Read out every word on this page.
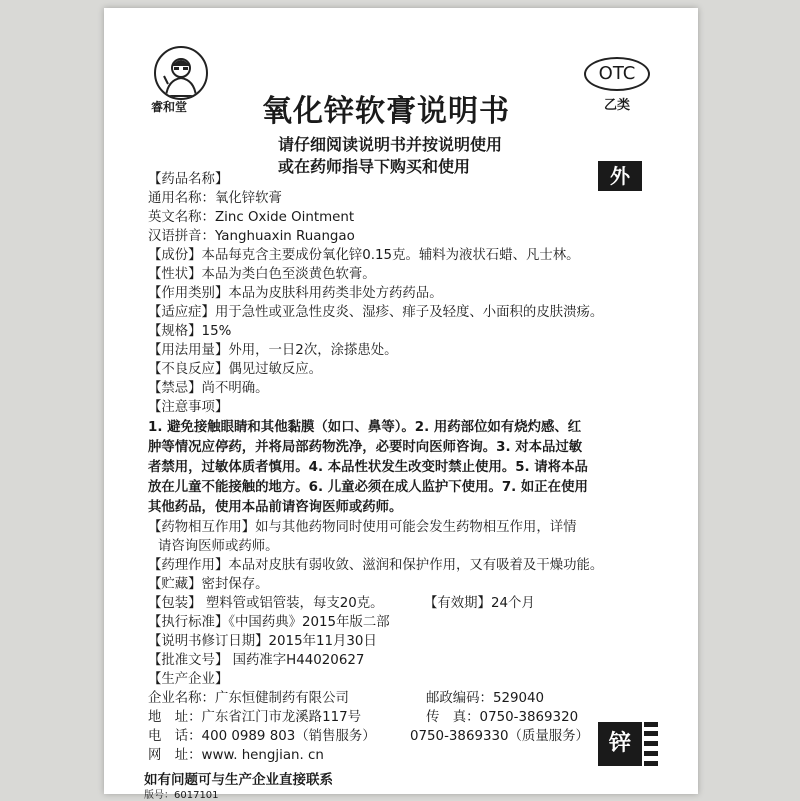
睿和堂 氧化锌软膏说明书
OTC
乙类
请仔细阅读说明书并按说明使用
或在药师指导下购买和使用	外
【药品名称】
通用名称：氧化锌软膏
英文名称：Zinc Oxide Ointment
汉语拼音：Yanghuaxin Ruangao
【成份】本品每克含主要成份氧化锌0.15克。辅料为液状石蜡、凡士林。
【性状】本品为类白色至淡黄色软膏。
【作用类别】本品为皮肤科用药类非处方药药品。
【适应症】用于急性或亚急性皮炎、湿疹、痱子及轻度、小面积的皮肤溃疡。
【规格】15%
【用法用量】外用，一日2次，涂搽患处。
【不良反应】偶见过敏反应。
【禁忌】尚不明确。
【注意事项】
1. 避免接触眼睛和其他黏膜（如口、鼻等）。2. 用药部位如有烧灼感、红
肿等情况应停药，并将局部药物洗净，必要时向医师咨询。3. 对本品过敏
者禁用，过敏体质者慎用。4. 本品性状发生改变时禁止使用。5. 请将本品
放在儿童不能接触的地方。6. 儿童必须在成人监护下使用。7. 如正在使用
其他药品，使用本品前请咨询医师或药师。
【药物相互作用】如与其他药物同时使用可能会发生药物相互作用，详情
请咨询医师或药师。
【药理作用】本品对皮肤有弱收敛、滋润和保护作用，又有吸着及干燥功能。
【贮藏】密封保存。
【包装】 塑料管或铝管装，每支20克。	【有效期】24个月
【执行标准】《中国药典》2015年版二部
【说明书修订日期】2015年11月30日
【批准文号】 国药准字H44020627
【生产企业】
企业名称：广东恒健制药有限公司	邮政编码：529040
地　址：广东省江门市龙溪路117号	传　真：0750-3869320
电　话：400 0989 803（销售服务）	0750-3869330（质量服务）
网　址：www. hengjian. cn
如有问题可与生产企业直接联系
版号：6017101
锌
